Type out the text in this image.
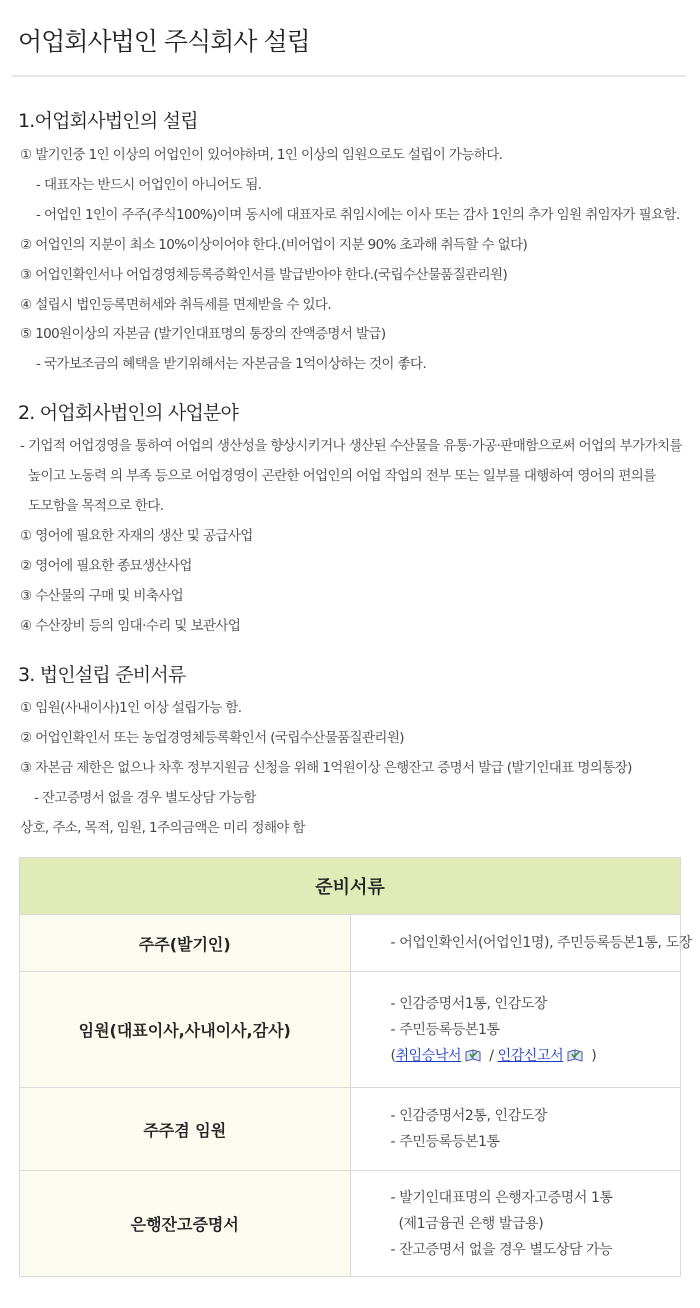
어업회사법인 주식회사 설립
1.어업회사법인의 설립
① 발기인중 1인 이상의 어업인이 있어야하며, 1인 이상의 임원으로도 설립이 가능하다.
- 대표자는 반드시 어업인이 아니어도 됨.
- 어업인 1인이 주주(주식100%)이며 동시에 대표자로 취임시에는 이사 또는 감사 1인의 추가 임원 취임자가 필요함.
② 어업인의 지분이 최소 10%이상이어야 한다.(비어업이 지분 90% 초과해 취득할 수 없다)
③ 어업인확인서나 어업경영체등록증확인서를 발급받아야 한다.(국립수산물품질관리원)
④ 설립시 법인등록면허세와 취득세를 면제받을 수 있다.
⑤ 100원이상의 자본금 (발기인대표명의 통장의 잔액증명서 발급)
- 국가보조금의 혜택을 받기위해서는 자본금을 1억이상하는 것이 좋다.
2. 어업회사법인의 사업분야
- 기업적 어업경영을 통하여 어업의 생산성을 향상시키거나 생산된 수산물을 유통·가공·판매함으로써 어업의 부가가치를
높이고 노동력 의 부족 등으로 어업경영이 곤란한 어업인의 어업 작업의 전부 또는 일부를 대행하여 영어의 편의를
도모함을 목적으로 한다.
① 영어에 필요한 자재의 생산 및 공급사업
② 영어에 필요한 종묘생산사업
③ 수산물의 구매 및 비축사업
④ 수산장비 등의 임대·수리 및 보관사업
3. 법인설립 준비서류
① 임원(사내이사)1인 이상 설립가능 함.
② 어업인확인서 또는 농업경영체등록확인서 (국립수산물품질관리원)
③ 자본금 제한은 없으나 차후 정부지원금 신청을 위해 1억원이상 은행잔고 증명서 발급 (발기인대표 명의통장)
- 잔고증명서 없을 경우 별도상담 가능함
상호, 주소, 목적, 임원, 1주의금액은 미리 정해야 함
준비서류	
주주(발기인)	- 어업인확인서(어업인1명), 주민등록등본1통, 도장

임원(대표이사,사내이사,감사)	- 인감증명서1통, 인감도장
- 주민등록등본1통
(취임승낙서 / 인감신고서 )

주주겸 임원	- 인감증명서2통, 인감도장
- 주민등록등본1통

은행잔고증명서	- 발기인대표명의 은행자고증명서 1통
(제1금융권 은행 발급용)
- 잔고증명서 없을 경우 별도상담 가능
